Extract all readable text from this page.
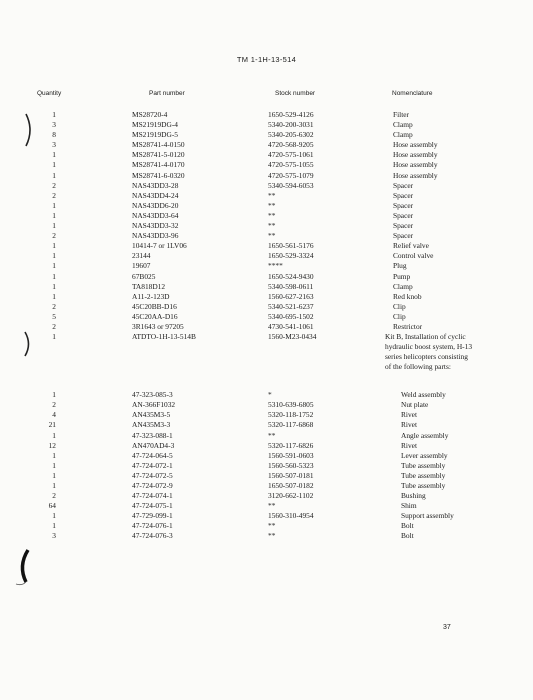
TM 1-1H-13-514
Quantity	Part number	Stock number	Nomenclature
1	MS28720-4	1650-529-4126	Filter
3	MS21919DG-4	5340-200-3031	Clamp
8	MS21919DG-5	5340-205-6302	Clamp
3	MS28741-4-0150	4720-568-9205	Hose assembly
1	MS28741-5-0120	4720-575-1061	Hose assembly
1	MS28741-4-0170	4720-575-1055	Hose assembly
1	MS28741-6-0320	4720-575-1079	Hose assembly
2	NAS43DD3-28	5340-594-6053	Spacer
2	NAS43DD4-24	**	Spacer
1	NAS43DD6-20	**	Spacer
1	NAS43DD3-64	**	Spacer
1	NAS43DD3-32	**	Spacer
2	NAS43DD3-96	**	Spacer
1	10414-7 or 1LV06	1650-561-5176	Relief valve
1	23144	1650-529-3324	Control valve
1	19607	****	Plug
1	67B025	1650-524-9430	Pump
1	TA818D12	5340-598-0611	Clamp
1	A11-2-123D	1560-627-2163	Red knob
2	45C20BB-D16	5340-521-6237	Clip
5	45C20AA-D16	5340-695-1502	Clip
2	3R1643 or 97205	4730-541-1061	Restrictor
1	ATDTO-1H-13-514B	1560-M23-0434	Kit B, Installation of cyclic hydraulic boost system, H-13 series helicopters consisting of the following parts:
1	47-323-085-3	*	Weld assembly
2	AN-366F1032	5310-639-6805	Nut plate
4	AN435M3-5	5320-118-1752	Rivet
21	AN435M3-3	5320-117-6868	Rivet
1	47-323-088-1	**	Angle assembly
12	AN470AD4-3	5320-117-6826	Rivet
1	47-724-064-5	1560-591-0603	Lever assembly
1	47-724-072-1	1560-560-5323	Tube assembly
1	47-724-072-5	1560-507-0181	Tube assembly
1	47-724-072-9	1650-507-0182	Tube assembly
2	47-724-074-1	3120-662-1102	Bushing
64	47-724-075-1	**	Shim
1	47-729-099-1	1560-310-4954	Support assembly
1	47-724-076-1	**	Bolt
3	47-724-076-3	**	Bolt
37
